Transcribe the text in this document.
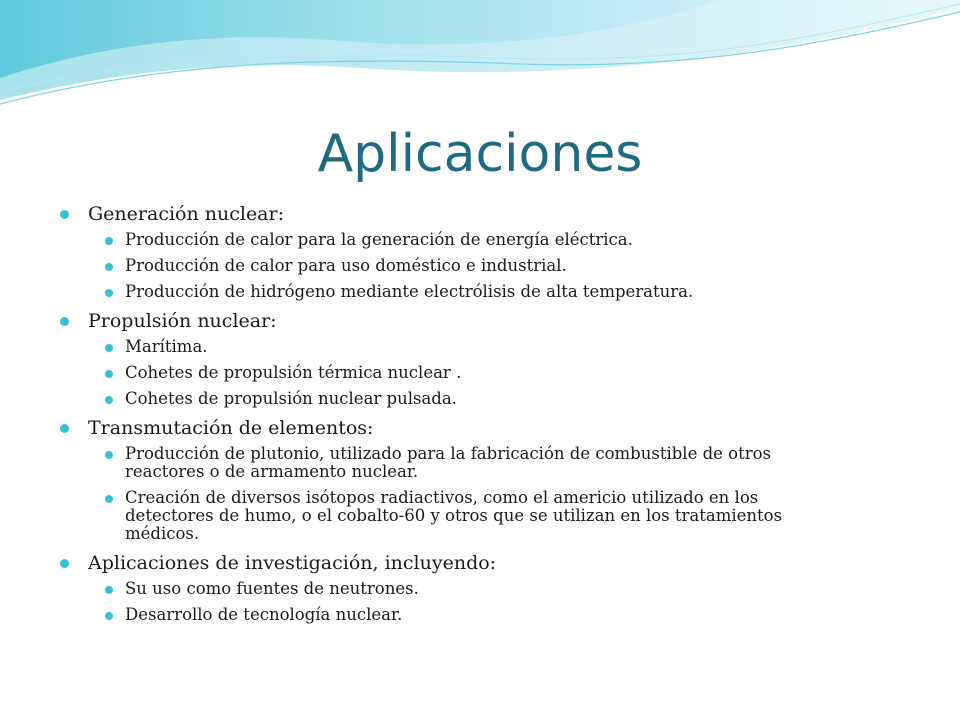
Aplicaciones
Generación nuclear:
Producción de calor para la generación de energía eléctrica.
Producción de calor para uso doméstico e industrial.
Producción de hidrógeno mediante electrólisis de alta temperatura.
Propulsión nuclear:
Marítima.
Cohetes de propulsión térmica nuclear .
Cohetes de propulsión nuclear pulsada.
Transmutación de elementos:
Producción de plutonio, utilizado para la fabricación de combustible de otros reactores o de armamento nuclear.
Creación de diversos isótopos radiactivos, como el americio utilizado en los detectores de humo, o el cobalto-60 y otros que se utilizan en los tratamientos médicos.
Aplicaciones de investigación, incluyendo:
Su uso como fuentes de neutrones.
Desarrollo de tecnología nuclear.
